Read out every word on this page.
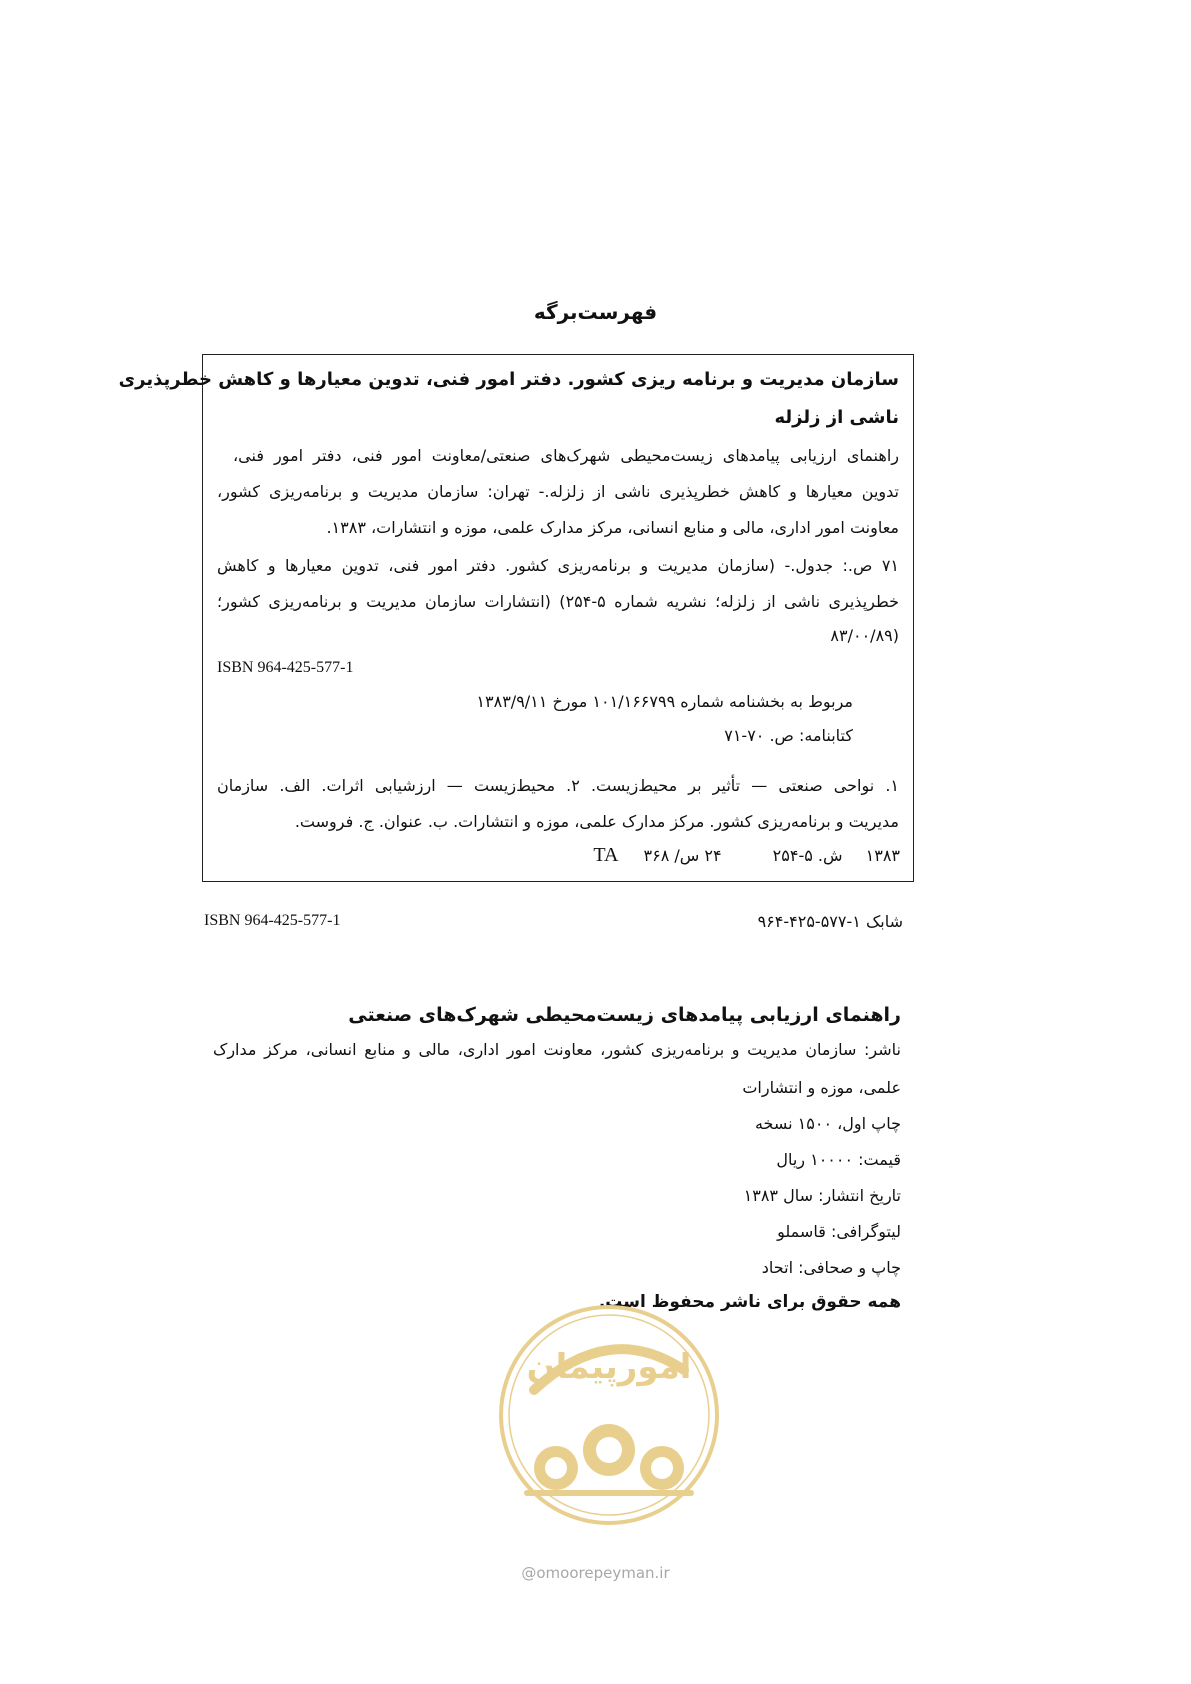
فهرست‌برگه
سازمان مدیریت و برنامه ریزی کشور. دفتر امور فنی، تدوین معیارها و کاهش خطرپذیری
ناشی از زلزله
راهنمای ارزیابی پیامدهای زیست‌محیطی شهرک‌های صنعتی/معاونت امور فنی، دفتر امور فنی،
تدوین معیارها و کاهش خطرپذیری ناشی از زلزله.- تهران: سازمان مدیریت و برنامه‌ریزی کشور،
معاونت امور اداری، مالی و منابع انسانی، مرکز مدارک علمی، موزه و انتشارات، ۱۳۸۳.
۷۱ ص.: جدول.- (سازمان مدیریت و برنامه‌ریزی کشور. دفتر امور فنی، تدوین معیارها و کاهش
خطرپذیری ناشی از زلزله؛ نشریه شماره ۵-۲۵۴) (انتشارات سازمان مدیریت و برنامه‌ریزی کشور؛
(۸۳/۰۰/۸۹
ISBN 964-425-577-1
مربوط به بخشنامه شماره ۱۰۱/۱۶۶۷۹۹ مورخ ۱۳۸۳/۹/۱۱
کتابنامه: ص. ۷۰-۷۱
۱. نواحی صنعتی — تأثیر بر محیط‌زیست. ۲. محیط‌زیست — ارزشیابی اثرات. الف. سازمان
مدیریت و برنامه‌ریزی کشور. مرکز مدارک علمی، موزه و انتشارات. ب. عنوان. ج. فروست.
۱۳۸۳ ش. ۵-۲۵۴ ۲۴ س/ ۳۶۸ TA
ISBN 964-425-577-1	شابک ۱-۵۷۷-۴۲۵-۹۶۴
راهنمای ارزیابی پیامدهای زیست‌محیطی شهرک‌های صنعتی
ناشر: سازمان مدیریت و برنامه‌ریزی کشور، معاونت امور اداری، مالی و منابع انسانی، مرکز مدارک
علمی، موزه و انتشارات
چاپ اول، ۱۵۰۰ نسخه
قیمت: ۱۰۰۰۰ ریال
تاریخ انتشار: سال ۱۳۸۳
لیتوگرافی: قاسملو
چاپ و صحافی: اتحاد
همه حقوق برای ناشر محفوظ است.
امورپیمان
@omoorepeyman.ir
